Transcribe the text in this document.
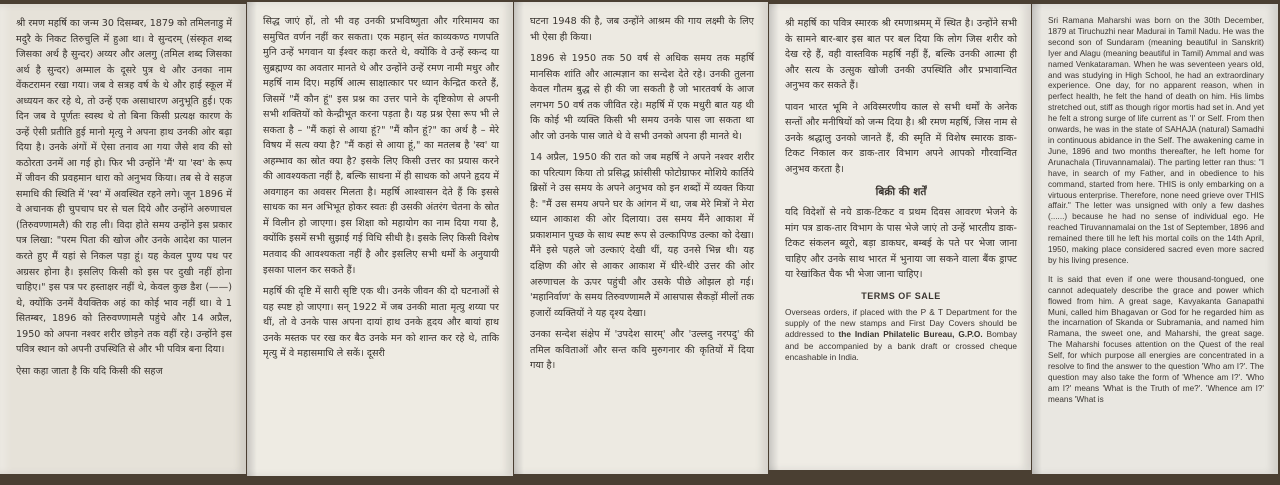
श्री रमण महर्षि का जन्म 30 दिसम्बर, 1879 को तमिलनाडु में मदुरै के निकट तिरुचुलि में हुआ था। वे सुन्दरम् (संस्कृत शब्द जिसका अर्थ है सुन्दर) अय्यर और अलगु (तमिल शब्द जिसका अर्थ है सुन्दर) अम्माल के दूसरे पुत्र थे और उनका नाम वेंकटरामन रखा गया। जब वे सत्रह वर्ष के थे और हाई स्कूल में अध्ययन कर रहे थे, तो उन्हें एक असाधारण अनुभूति हुई। एक दिन जब वे पूर्णतः स्वस्थ थे तो बिना किसी प्रत्यक्ष कारण के उन्हें ऐसी प्रतीति हुई मानो मृत्यु ने अपना हाथ उनकी ओर बढ़ा दिया है। उनके अंगों में ऐसा तनाव आ गया जैसे शव की सो कठोरता उनमें आ गई हो। फिर भी उन्होंने 'मैं' या 'स्व' के रूप में जीवन की प्रवहमान धारा को अनुभव किया। तब से वे सहज समाधि की स्थिति में 'स्व' में अवस्थित रहने लगे। जून 1896 में वे अचानक ही चुपचाप घर से चल दिये और उन्होंने अरुणाचल (तिरुवण्णामलै) की राह ली। विदा होते समय उन्होंने इस प्रकार पत्र लिखा: "परम पिता की खोज और उनके आदेश का पालन करते हुए मैं यहां से निकल पड़ा हूं। यह केवल पुण्य पथ पर अग्रसर होना है। इसलिए किसी को इस पर दुखी नहीं होना चाहिए।" इस पत्र पर हस्ताक्षर नहीं थे, केवल कुछ डैश (——) थे, क्योंकि उनमें वैयक्तिक अहं का कोई भाव नहीं था। वे 1 सितम्बर, 1896 को तिरुवण्णामलै पहुंचे और 14 अप्रैल, 1950 को अपना नश्वर शरीर छोड़ने तक वहीं रहे। उन्होंने इस पवित्र स्थान को अपनी उपस्थिति से और भी पवित्र बना दिया।

ऐसा कहा जाता है कि यदि किसी की सहज

सिद्ध जाएं हों, तो भी वह उनकी प्रभविष्णुता और गरिमामय का समुचित वर्णन नहीं कर सकता। एक महान् संत काव्यकण्ठ गणपति मुनि उन्हें भगवान या ईश्वर कहा करते थे, क्योंकि वे उन्हें स्कन्द या सुब्रह्मण्य का अवतार मानते थे और उन्होंने उन्हें रमण नामी मधुर और महर्षि नाम दिए। महर्षि आत्म साक्षात्कार पर ध्यान केन्द्रित करते हैं, जिसमें "मैं कौन हूं" इस प्रश्न का उत्तर पाने के दृष्टिकोण से अपनी सभी शक्तियों को केन्द्रीभूत करना पड़ता है। यह प्रश्न ऐसा रूप भी ले सकता है – "मैं कहां से आया हूं?" "मैं कौन हूं?" का अर्थ है – मेरे विषय में सत्य क्या है? "मैं कहां से आया हूं," का मतलब है 'स्व' या अहम्भाव का स्रोत क्या है? इसके लिए किसी उत्तर का प्रयास करने की आवश्यकता नहीं है, बल्कि साधना में ही साधक को अपने हृदय में अवगाहन का अवसर मिलता है। महर्षि आश्वासन देते हैं कि इससे साधक का मन अभिभूत होकर स्वतः ही उसकी अंतरंग चेतना के स्रोत में विलीन हो जाएगा। इस शिक्षा को महायोग का नाम दिया गया है, क्योंकि इसमें सभी सुझाई गई विधि सीधी है। इसके लिए किसी विशेष मतवाद की आवश्यकता नहीं है और इसलिए सभी धर्मों के अनुयायी इसका पालन कर सकते हैं।

महर्षि की दृष्टि में सारी सृष्टि एक थी। उनके जीवन की दो घटनाओं से यह स्पष्ट हो जाएगा। सन् 1922 में जब उनकी माता मृत्यु शय्या पर थीं, तो वे उनके पास अपना दायां हाथ उनके हृदय और बायां हाथ उनके मस्तक पर रख कर बैठ उनके मन को शान्त कर रहे थे, ताकि मृत्यु में वे महासमाधि ले सकें। दूसरी

घटना 1948 की है, जब उन्होंने आश्रम की गाय लक्ष्मी के लिए भी ऐसा ही किया।

1896 से 1950 तक 50 वर्ष से अधिक समय तक महर्षि मानसिक शांति और आत्मज्ञान का सन्देश देते रहे। उनकी तुलना केवल गौतम बुद्ध से ही की जा सकती है जो भारतवर्ष के आज लगभग 50 वर्ष तक जीवित रहे। महर्षि में एक मधुरी बात यह थी कि कोई भी व्यक्ति किसी भी समय उनके पास जा सकता था और जो उनके पास जाते थे वे सभी उनको अपना ही मानते थे।

14 अप्रैल, 1950 की रात को जब महर्षि ने अपने नश्वर शरीर का परित्याग किया तो प्रसिद्ध फ्रांसीसी फोटोग्राफर मोशिये कार्तिये ब्रिसों ने उस समय के अपने अनुभव को इन शब्दों में व्यक्त किया है: "मैं उस समय अपने घर के आंगन में था, जब मेरे मित्रों ने मेरा ध्यान आकाश की ओर दिलाया। उस समय मैंने आकाश में प्रकाशमान पुच्छ के साथ स्पष्ट रूप से उल्कापिण्ड उल्का को देखा। मैंने इसे पहले जो उल्काएं देखी थीं, यह उनसे भिन्न थी। यह दक्षिण की ओर से आकर आकाश में धीरे-धीरे उत्तर की ओर अरुणाचल के ऊपर पहुंची और उसके पीछे ओझल हो गई। 'महानिर्वाण' के समय तिरुवण्णामलै में आसपास सैकड़ों मीलों तक हजारों व्यक्तियों ने यह दृश्य देखा।

उनका सन्देश संक्षेप में 'उपदेश सारम्' और 'उल्लदु नरपदु' की तमिल कविताओं और सन्त कवि मुरुगनार की कृतियों में दिया गया है।

श्री महर्षि का पवित्र स्मारक श्री रमणाश्रमम् में स्थित है। उन्होंने सभी के सामने बार-बार इस बात पर बल दिया कि लोग जिस शरीर को देख रहे हैं, वही वास्तविक महर्षि नहीं हैं, बल्कि उनकी आत्मा ही और सत्य के उत्सुक खोजी उनकी उपस्थिति और प्रभावान्वित अनुभव कर सकते हैं।

पावन भारत भूमि ने अविस्मरणीय काल से सभी धर्मों के अनेक सन्तों और मनीषियों को जन्म दिया है। श्री रमण महर्षि, जिस नाम से उनके श्रद्धालु उनको जानते हैं, की स्मृति में विशेष स्मारक डाक-टिकट निकाल कर डाक-तार विभाग अपने आपको गौरवान्वित अनुभव करता है।

बिक्री की शर्तें
यदि विदेशों से नये डाक-टिकट व प्रथम दिवस आवरण भेजने के मांग पत्र डाक-तार विभाग के पास भेजे जाएं तो उन्हें भारतीय डाक-टिकट संकलन ब्यूरो, बड़ा डाकघर, बम्बई के पते पर भेजा जाना चाहिए और उनके साथ भारत में भुनाया जा सकने वाला बैंक ड्राफ्ट या रेखांकित चैक भी भेजा जाना चाहिए।
TERMS OF SALE
Overseas orders, if placed with the P & T Department for the supply of the new stamps and First Day Covers should be addressed to the Indian Philatelic Bureau, G.P.O. Bombay and be accompanied by a bank draft or crossed cheque encashable in India.

Sri Ramana Maharshi was born on the 30th December, 1879 at Tiruchuzhi near Madurai in Tamil Nadu. He was the second son of Sundaram (meaning beautiful in Sanskrit) Iyer and Alagu (meaning beautiful in Tamil) Ammal and was named Venkataraman. When he was seventeen years old, and was studying in High School, he had an extraordinary experience. One day, for no apparent reason, when in perfect health, he felt the hand of death on him. His limbs stretched out, stiff as though rigor mortis had set in. And yet he felt a strong surge of life current as 'I' or Self. From then onwards, he was in the state of SAHAJA (natural) Samadhi in continuous abidance in the Self. The awakening came in June, 1896 and two months thereafter, he left home for Arunachala (Tiruvannamalai). The parting letter ran thus: "I have, in search of my Father, and in obedience to his command, started from here. THIS is only embarking on a virtuous enterprise. Therefore, none need grieve over THIS affair." The letter was unsigned with only a few dashes (......) because he had no sense of individual ego. He reached Tiruvannamalai on the 1st of September, 1896 and remained there till he left his mortal coils on the 14th April, 1950, making place considered sacred even more sacred by his living presence.

It is said that even if one were thousand-tongued, one cannot adequately describe the grace and power which flowed from him. A great sage, Kavyakanta Ganapathi Muni, called him Bhagavan or God for he regarded him as the incarnation of Skanda or Subramania, and named him Ramana, the sweet one, and Maharshi, the great sage. The Maharshi focuses attention on the Quest of the real Self, for which purpose all energies are concentrated in a resolve to find the answer to the question 'Who am I?'. The question may also take the form of 'Whence am I?'. 'Who am I?' means 'What is the Truth of me?'. 'Whence am I?' means 'What is
